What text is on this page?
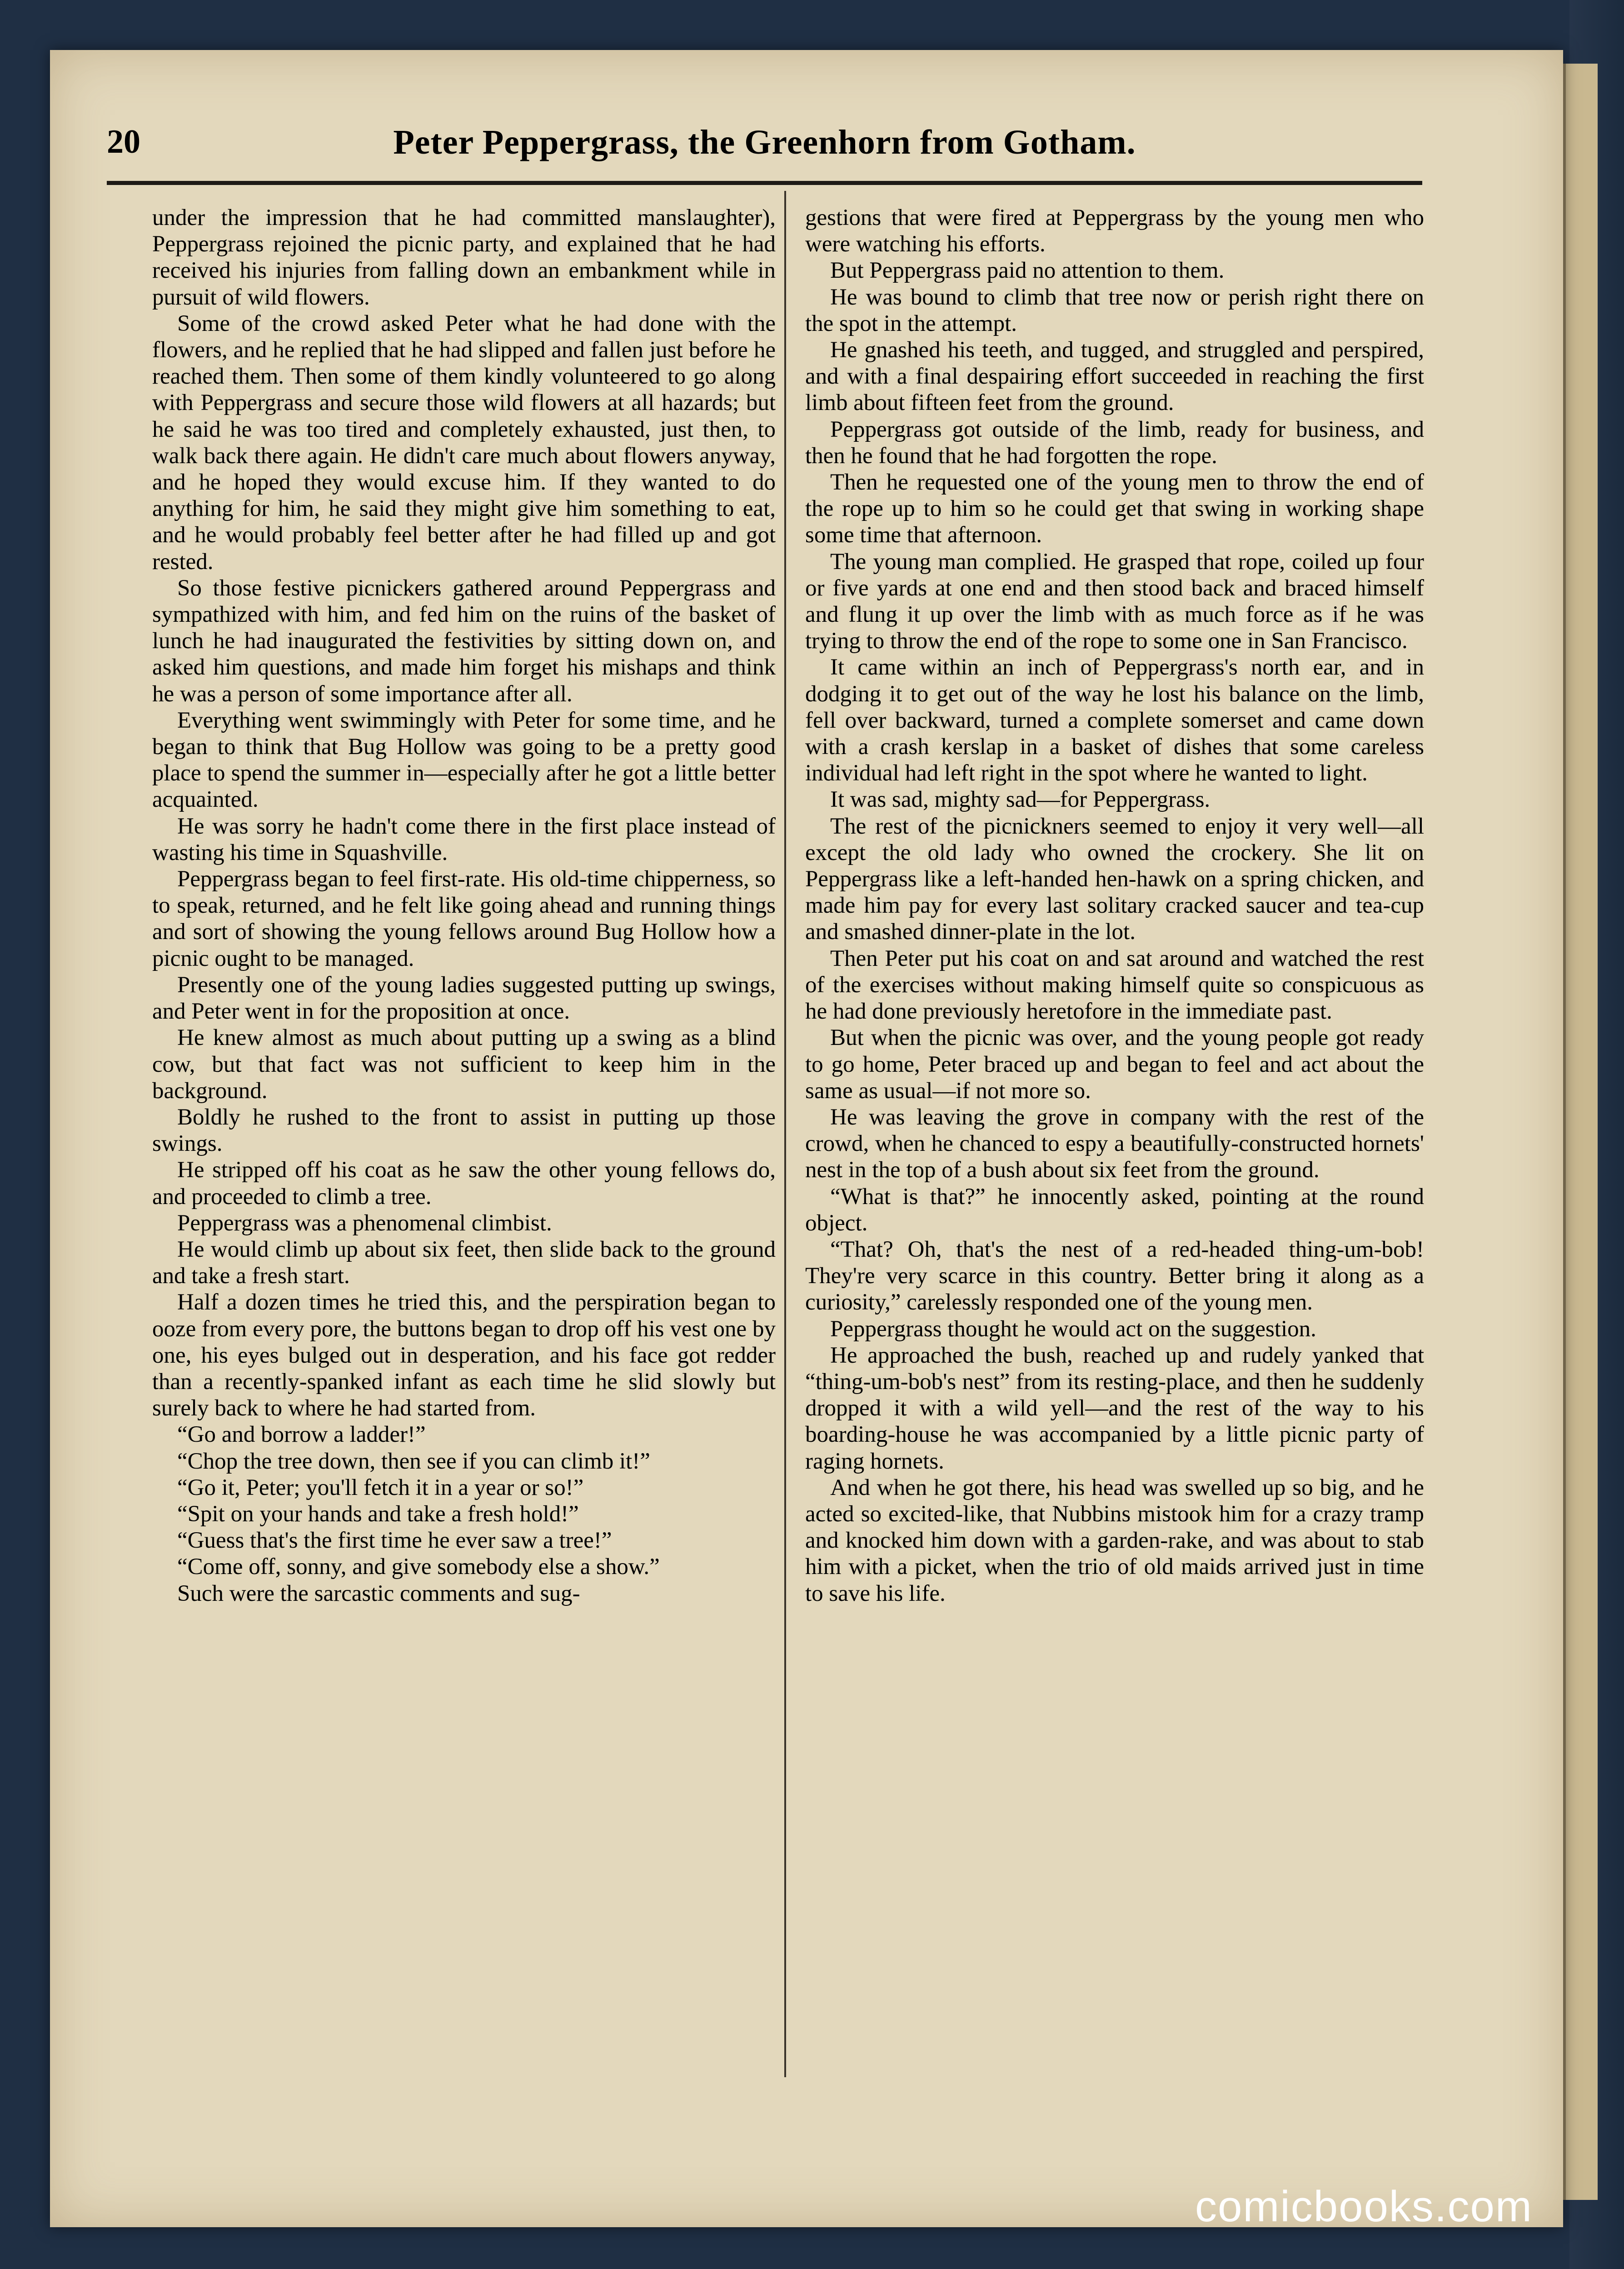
20	Peter Peppergrass, the Greenhorn from Gotham.

under the impression that he had committed manslaughter), Peppergrass rejoined the picnic party, and explained that he had received his injuries from falling down an embankment while in pursuit of wild flowers.

Some of the crowd asked Peter what he had done with the flowers, and he replied that he had slipped and fallen just before he reached them. Then some of them kindly volunteered to go along with Peppergrass and secure those wild flowers at all hazards; but he said he was too tired and completely exhausted, just then, to walk back there again. He didn't care much about flowers anyway, and he hoped they would excuse him. If they wanted to do anything for him, he said they might give him something to eat, and he would probably feel better after he had filled up and got rested.

So those festive picnickers gathered around Peppergrass and sympathized with him, and fed him on the ruins of the basket of lunch he had inaugurated the festivities by sitting down on, and asked him questions, and made him forget his mishaps and think he was a person of some importance after all.

Everything went swimmingly with Peter for some time, and he began to think that Bug Hollow was going to be a pretty good place to spend the summer in—especially after he got a little better acquainted.

He was sorry he hadn't come there in the first place instead of wasting his time in Squashville.

Peppergrass began to feel first-rate. His old-time chipperness, so to speak, returned, and he felt like going ahead and running things and sort of showing the young fellows around Bug Hollow how a picnic ought to be managed.

Presently one of the young ladies suggested putting up swings, and Peter went in for the proposition at once.

He knew almost as much about putting up a swing as a blind cow, but that fact was not sufficient to keep him in the background.

Boldly he rushed to the front to assist in putting up those swings.

He stripped off his coat as he saw the other young fellows do, and proceeded to climb a tree.

Peppergrass was a phenomenal climbist.

He would climb up about six feet, then slide back to the ground and take a fresh start.

Half a dozen times he tried this, and the perspiration began to ooze from every pore, the buttons began to drop off his vest one by one, his eyes bulged out in desperation, and his face got redder than a recently-spanked infant as each time he slid slowly but surely back to where he had started from.

“Go and borrow a ladder!”

“Chop the tree down, then see if you can climb it!”

“Go it, Peter; you'll fetch it in a year or so!”

“Spit on your hands and take a fresh hold!”

“Guess that's the first time he ever saw a tree!”

“Come off, sonny, and give somebody else a show.”

Such were the sarcastic comments and sug-

gestions that were fired at Peppergrass by the young men who were watching his efforts.

But Peppergrass paid no attention to them.

He was bound to climb that tree now or perish right there on the spot in the attempt.

He gnashed his teeth, and tugged, and struggled and perspired, and with a final despairing effort succeeded in reaching the first limb about fifteen feet from the ground.

Peppergrass got outside of the limb, ready for business, and then he found that he had forgotten the rope.

Then he requested one of the young men to throw the end of the rope up to him so he could get that swing in working shape some time that afternoon.

The young man complied. He grasped that rope, coiled up four or five yards at one end and then stood back and braced himself and flung it up over the limb with as much force as if he was trying to throw the end of the rope to some one in San Francisco.

It came within an inch of Peppergrass's north ear, and in dodging it to get out of the way he lost his balance on the limb, fell over backward, turned a complete somerset and came down with a crash kerslap in a basket of dishes that some careless individual had left right in the spot where he wanted to light.

It was sad, mighty sad—for Peppergrass.

The rest of the picnickners seemed to enjoy it very well—all except the old lady who owned the crockery. She lit on Peppergrass like a left-handed hen-hawk on a spring chicken, and made him pay for every last solitary cracked saucer and tea-cup and smashed dinner-plate in the lot.

Then Peter put his coat on and sat around and watched the rest of the exercises without making himself quite so conspicuous as he had done previously heretofore in the immediate past.

But when the picnic was over, and the young people got ready to go home, Peter braced up and began to feel and act about the same as usual—if not more so.

He was leaving the grove in company with the rest of the crowd, when he chanced to espy a beautifully-constructed hornets' nest in the top of a bush about six feet from the ground.

“What is that?” he innocently asked, pointing at the round object.

“That? Oh, that's the nest of a red-headed thing-um-bob! They're very scarce in this country. Better bring it along as a curiosity,” carelessly responded one of the young men.

Peppergrass thought he would act on the suggestion.

He approached the bush, reached up and rudely yanked that “thing-um-bob's nest” from its resting-place, and then he suddenly dropped it with a wild yell—and the rest of the way to his boarding-house he was accompanied by a little picnic party of raging hornets.

And when he got there, his head was swelled up so big, and he acted so excited-like, that Nubbins mistook him for a crazy tramp and knocked him down with a garden-rake, and was about to stab him with a picket, when the trio of old maids arrived just in time to save his life.

comicbooks.com
